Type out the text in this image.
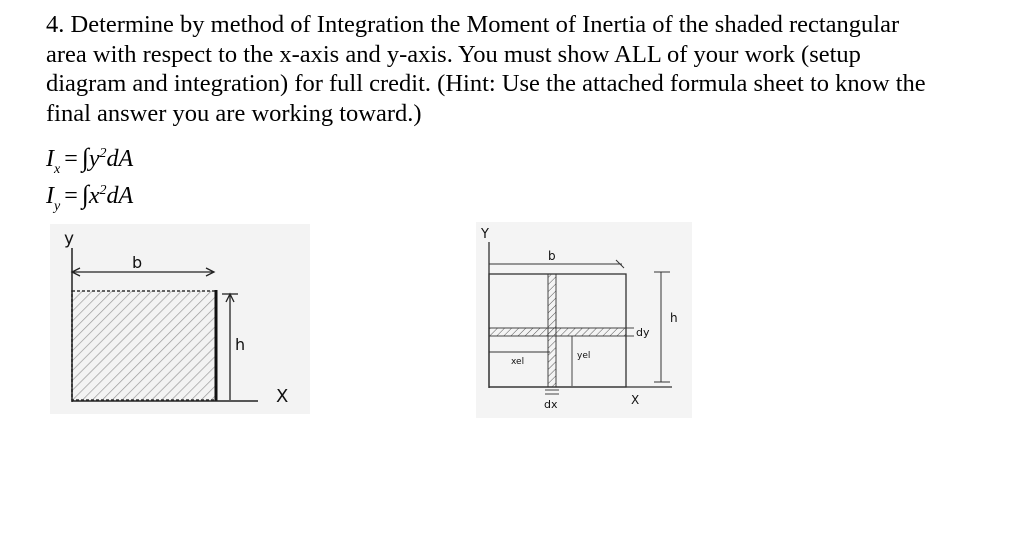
4. Determine by method of Integration the Moment of Inertia of the shaded rectangular
area with respect to the x-axis and y-axis. You must show ALL of your work (setup
diagram and integration) for full credit. (Hint: Use the attached formula sheet to know the
final answer you are working toward.)
$I_x = \int y^2dA$
$I_y = \int x^2dA$
y
b
h
X
Y
b
h
dy
xel
yel
dx	X
